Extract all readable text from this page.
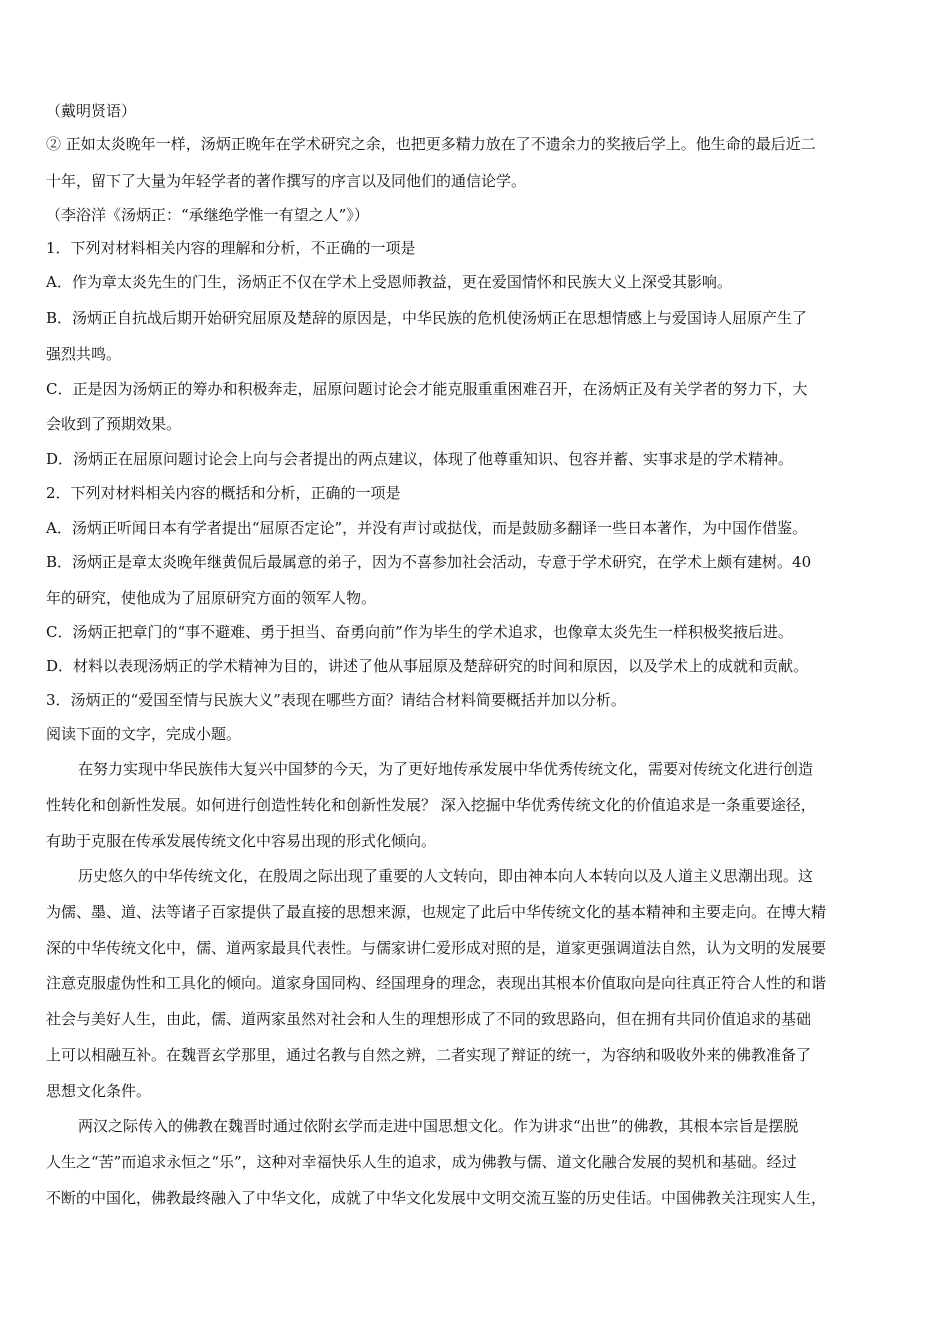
（戴明贤语）
② 正如太炎晚年一样，汤炳正晚年在学术研究之余，也把更多精力放在了不遗余力的奖掖后学上。他生命的最后近二
十年，留下了大量为年轻学者的著作撰写的序言以及同他们的通信论学。
（李浴洋《汤炳正：“承继绝学惟一有望之人”》）
1．下列对材料相关内容的理解和分析，不正确的一项是
A．作为章太炎先生的门生，汤炳正不仅在学术上受恩师教益，更在爱国情怀和民族大义上深受其影响。
B．汤炳正自抗战后期开始研究屈原及楚辞的原因是，中华民族的危机使汤炳正在思想情感上与爱国诗人屈原产生了
强烈共鸣。
C．正是因为汤炳正的筹办和积极奔走，屈原问题讨论会才能克服重重困难召开，在汤炳正及有关学者的努力下，大
会收到了预期效果。
D．汤炳正在屈原问题讨论会上向与会者提出的两点建议，体现了他尊重知识、包容并蓄、实事求是的学术精神。
2．下列对材料相关内容的概括和分析，正确的一项是
A．汤炳正听闻日本有学者提出“屈原否定论”，并没有声讨或挞伐，而是鼓励多翻译一些日本著作，为中国作借鉴。
B．汤炳正是章太炎晚年继黄侃后最属意的弟子，因为不喜参加社会活动，专意于学术研究，在学术上颇有建树。40
年的研究，使他成为了屈原研究方面的领军人物。
C．汤炳正把章门的“事不避难、勇于担当、奋勇向前”作为毕生的学术追求，也像章太炎先生一样积极奖掖后进。
D．材料以表现汤炳正的学术精神为目的，讲述了他从事屈原及楚辞研究的时间和原因，以及学术上的成就和贡献。
3．汤炳正的“爱国至情与民族大义”表现在哪些方面？请结合材料简要概括并加以分析。
阅读下面的文字，完成小题。
在努力实现中华民族伟大复兴中国梦的今天，为了更好地传承发展中华优秀传统文化，需要对传统文化进行创造
性转化和创新性发展。如何进行创造性转化和创新性发展？ 深入挖掘中华优秀传统文化的价值追求是一条重要途径，
有助于克服在传承发展传统文化中容易出现的形式化倾向。
历史悠久的中华传统文化，在殷周之际出现了重要的人文转向，即由神本向人本转向以及人道主义思潮出现。这
为儒、墨、道、法等诸子百家提供了最直接的思想来源，也规定了此后中华传统文化的基本精神和主要走向。在博大精
深的中华传统文化中，儒、道两家最具代表性。与儒家讲仁爱形成对照的是，道家更强调道法自然，认为文明的发展要
注意克服虚伪性和工具化的倾向。道家身国同构、经国理身的理念，表现出其根本价值取向是向往真正符合人性的和谐
社会与美好人生，由此，儒、道两家虽然对社会和人生的理想形成了不同的致思路向，但在拥有共同价值追求的基础
上可以相融互补。在魏晋玄学那里，通过名教与自然之辨，二者实现了辩证的统一，为容纳和吸收外来的佛教准备了
思想文化条件。
两汉之际传入的佛教在魏晋时通过依附玄学而走进中国思想文化。作为讲求“出世”的佛教，其根本宗旨是摆脱
人生之“苦”而追求永恒之“乐”，这种对幸福快乐人生的追求，成为佛教与儒、道文化融合发展的契机和基础。经过
不断的中国化，佛教最终融入了中华文化，成就了中华文化发展中文明交流互鉴的历史佳话。中国佛教关注现实人生，
